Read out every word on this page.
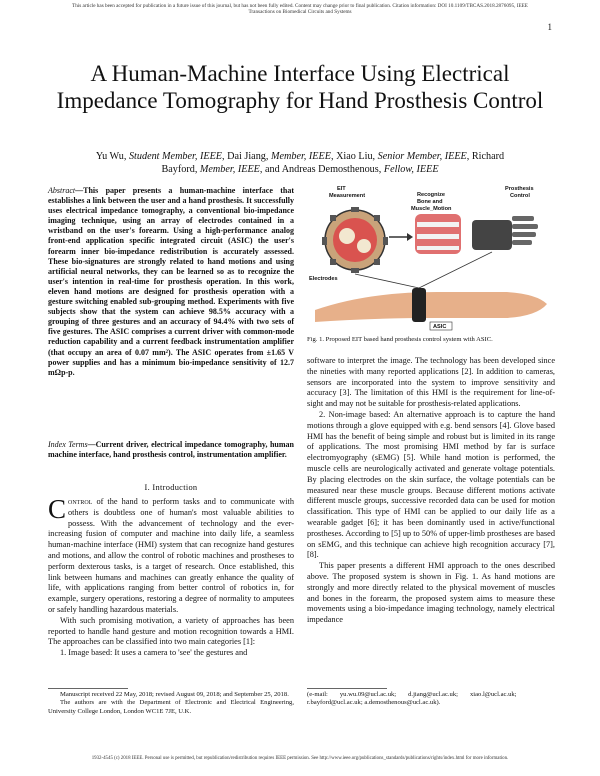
This article has been accepted for publication in a future issue of this journal, but has not been fully edited. Content may change prior to final publication. Citation information: DOI 10.1109/TBCAS.2018.2876095, IEEE
Transactions on Biomedical Circuits and Systems
1
A Human-Machine Interface Using Electrical Impedance Tomography for Hand Prosthesis Control
Yu Wu, Student Member, IEEE, Dai Jiang, Member, IEEE, Xiao Liu, Senior Member, IEEE, Richard
Bayford, Member, IEEE, and Andreas Demosthenous, Fellow, IEEE
Abstract—This paper presents a human-machine interface that establishes a link between the user and a hand prosthesis. It successfully uses electrical impedance tomography, a conventional bio-impedance imaging technique, using an array of electrodes contained in a wristband on the user's forearm. Using a high-performance analog front-end application specific integrated circuit (ASIC) the user's forearm inner bio-impedance redistribution is accurately assessed. These bio-signatures are strongly related to hand motions and using artificial neural networks, they can be learned so as to recognize the user's intention in real-time for prosthesis operation. In this work, eleven hand motions are designed for prosthesis operation with a gesture switching enabled sub-grouping method. Experiments with five subjects show that the system can achieve 98.5% accuracy with a grouping of three gestures and an accuracy of 94.4% with two sets of five gestures. The ASIC comprises a current driver with common-mode reduction capability and a current feedback instrumentation amplifier (that occupy an area of 0.07 mm²). The ASIC operates from ±1.65 V power supplies and has a minimum bio-impedance sensitivity of 12.7 mΩp-p.
Index Terms—Current driver, electrical impedance tomography, human machine interface, hand prosthesis control, instrumentation amplifier.
I. Introduction

Control of the hand to perform tasks and to communicate with others is doubtless one of human's most valuable abilities to possess. With the advancement of technology and the ever-increasing fusion of computer and machine into daily life, a seamless human-machine interface (HMI) system that can recognize hand gestures and motions, and allow the control of robotic machines and prostheses to perform dexterous tasks, is a target of research. Once established, this link between humans and machines can greatly enhance the quality of life, with applications ranging from better control of robotics in, for example, surgery operations, restoring a degree of normality to amputees or safely handling hazardous materials.

With such promising motivation, a variety of approaches has been reported to handle hand gesture and motion recognition towards a HMI. The approaches can be classified into two main categories [1]:

1. Image based: It uses a camera to 'see' the gestures and

Manuscript received 22 May, 2018; revised August 09, 2018; and September 25, 2018.
The authors are with the Department of Electronic and Electrical Engineering, University College London, London WC1E 7JE, U.K.
EIT
Measurement
Electrodes
Recognize
Bone and
Muscle_Motion
Prosthesis
Control
ASIC
Fig. 1. Proposed EIT based hand prosthesis control system with ASIC.

software to interpret the image. The technology has been developed since the nineties with many reported applications [2]. In addition to cameras, sensors are incorporated into the system to improve sensitivity and accuracy [3]. The limitation of this HMI is the requirement for line-of-sight and may not be suitable for prosthesis-related applications.

2. Non-image based: An alternative approach is to capture the hand motions through a glove equipped with e.g. bend sensors [4]. Glove based HMI has the benefit of being simple and robust but is limited in its range of applications. The most promising HMI method by far is surface electromyography (sEMG) [5]. While hand motion is performed, the muscle cells are neurologically activated and generate voltage potentials. By placing electrodes on the skin surface, the voltage potentials can be measured near these muscle groups. Because different motions activate different muscle groups, successive recorded data can be used for motion classification. This type of HMI can be applied to our daily life as a wearable gadget [6]; it has been dominantly used in active/functional prostheses. According to [5] up to 50% of upper-limb prostheses are based on sEMG, and this technique can achieve high recognition accuracy [7], [8].

This paper presents a different HMI approach to the ones described above. The proposed system is shown in Fig. 1. As hand motions are strongly and more directly related to the physical movement of muscles and bones in the forearm, the proposed system aims to measure these movements using a bio-impedance imaging technology, namely electrical impedance

(e-mail: yu.wu.09@ucl.ac.uk; d.jiang@ucl.ac.uk; xiao.l@ucl.ac.uk;
r.bayford@ucl.ac.uk; a.demosthenous@ucl.ac.uk).
1932-4545 (c) 2018 IEEE. Personal use is permitted, but republication/redistribution requires IEEE permission. See http://www.ieee.org/publications_standards/publications/rights/index.html for more information.
